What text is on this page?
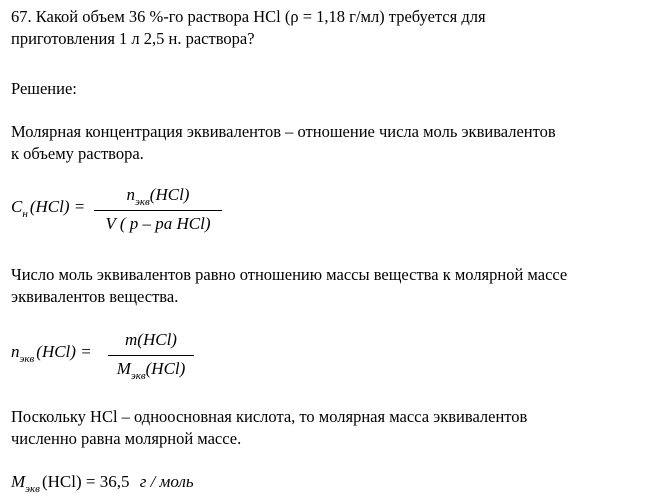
67. Какой объем 36 %-го раствора HCl (ρ = 1,18 г/мл) требуется для
приготовления 1 л 2,5 н. раствора?
Решение:
Молярная концентрация эквивалентов – отношение числа моль эквивалентов
к объему раствора.
$C_н$ (HCl) =
$n_{экв}(HCl)$
V ( p – pa HCl)
Число моль эквивалентов равно отношению массы вещества к молярной массе
эквивалентов вещества.
$n_{экв}$ (HCl) =
m(HCl)
$M_{экв}(HCl)$
Поскольку HCl – одноосновная кислота, то молярная масса эквивалентов
численно равна молярной массе.
$M_{экв}$ (HCl) = 36,5 г / моль
